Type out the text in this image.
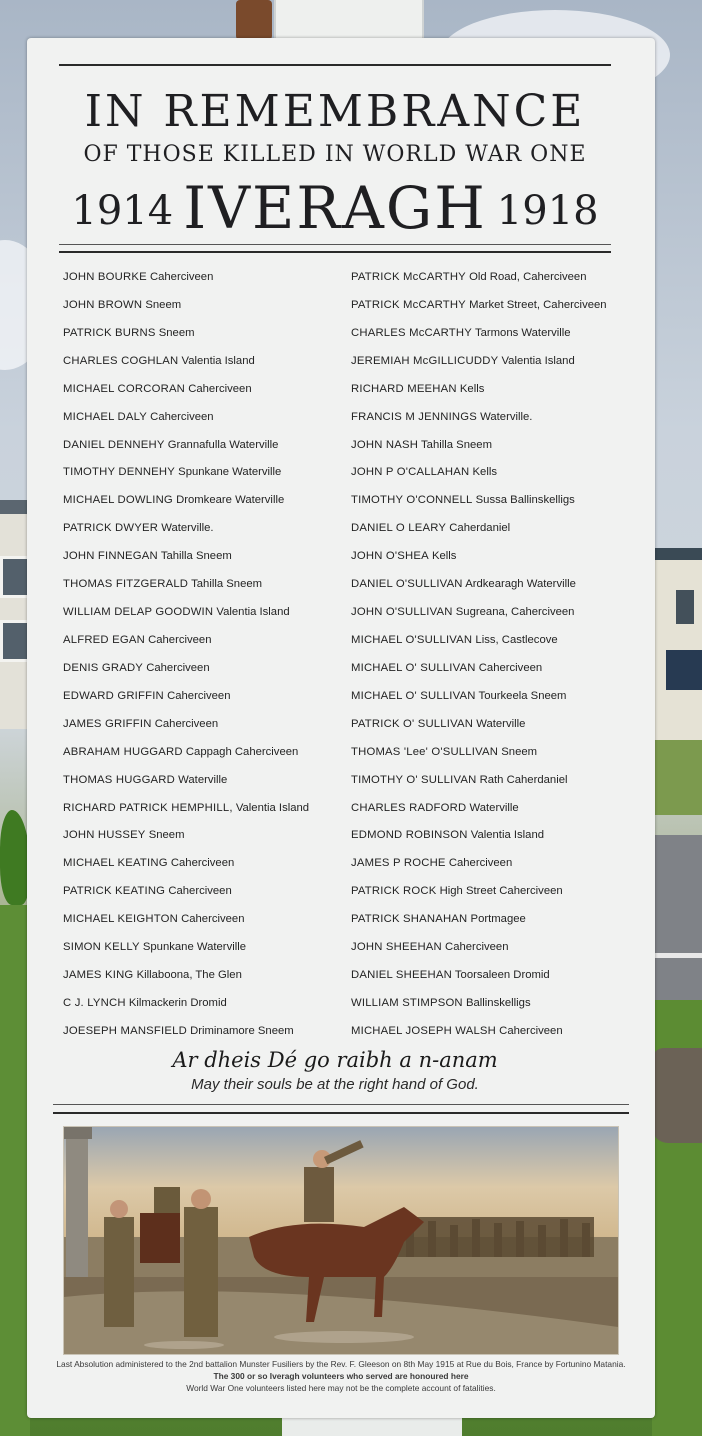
IN REMEMBRANCE
OF THOSE KILLED IN WORLD WAR ONE
1914 IVERAGH 1918
JOHN BOURKE Caherciveen
JOHN BROWN Sneem
PATRICK BURNS Sneem
CHARLES COGHLAN Valentia Island
MICHAEL CORCORAN Caherciveen
MICHAEL DALY Caherciveen
DANIEL DENNEHY Grannafulla Waterville
TIMOTHY DENNEHY Spunkane Waterville
MICHAEL DOWLING Dromkeare Waterville
PATRICK DWYER Waterville.
JOHN FINNEGAN Tahilla Sneem
THOMAS FITZGERALD Tahilla Sneem
WILLIAM DELAP GOODWIN Valentia Island
ALFRED EGAN Caherciveen
DENIS GRADY Caherciveen
EDWARD GRIFFIN Caherciveen
JAMES GRIFFIN Caherciveen
ABRAHAM HUGGARD Cappagh Caherciveen
THOMAS HUGGARD Waterville
RICHARD PATRICK HEMPHILL, Valentia Island
JOHN HUSSEY Sneem
MICHAEL KEATING Caherciveen
PATRICK KEATING Caherciveen
MICHAEL KEIGHTON Caherciveen
SIMON KELLY Spunkane Waterville
JAMES KING Killaboona, The Glen
C J. LYNCH Kilmackerin Dromid
JOESEPH MANSFIELD Driminamore Sneem
PATRICK McCARTHY Old Road, Caherciveen
PATRICK McCARTHY Market Street, Caherciveen
CHARLES McCARTHY Tarmons Waterville
JEREMIAH McGILLICUDDY Valentia Island
RICHARD MEEHAN Kells
FRANCIS M JENNINGS Waterville.
JOHN NASH Tahilla Sneem
JOHN P O'CALLAHAN Kells
TIMOTHY O'CONNELL Sussa Ballinskelligs
DANIEL O LEARY Caherdaniel
JOHN O'SHEA Kells
DANIEL O'SULLIVAN Ardkearagh Waterville
JOHN O'SULLIVAN Sugreana, Caherciveen
MICHAEL O'SULLIVAN Liss, Castlecove
MICHAEL O' SULLIVAN Caherciveen
MICHAEL O' SULLIVAN Tourkeela Sneem
PATRICK O' SULLIVAN Waterville
THOMAS 'Lee' O'SULLIVAN Sneem
TIMOTHY O' SULLIVAN Rath Caherdaniel
CHARLES RADFORD Waterville
EDMOND ROBINSON Valentia Island
JAMES P ROCHE Caherciveen
PATRICK ROCK High Street Caherciveen
PATRICK SHANAHAN Portmagee
JOHN SHEEHAN Caherciveen
DANIEL SHEEHAN Toorsaleen Dromid
WILLIAM STIMPSON Ballinskelligs
MICHAEL JOSEPH WALSH Caherciveen
Ar dheis Dé go raibh a n-anam
May their souls be at the right hand of God.
Last Absolution administered to the 2nd battalion Munster Fusiliers by the Rev. F. Gleeson on 8th May 1915 at Rue du Bois, France by Fortunino Matania.
The 300 or so Iveragh volunteers who served are honoured here
World War One volunteers listed here may not be the complete account of fatalities.
